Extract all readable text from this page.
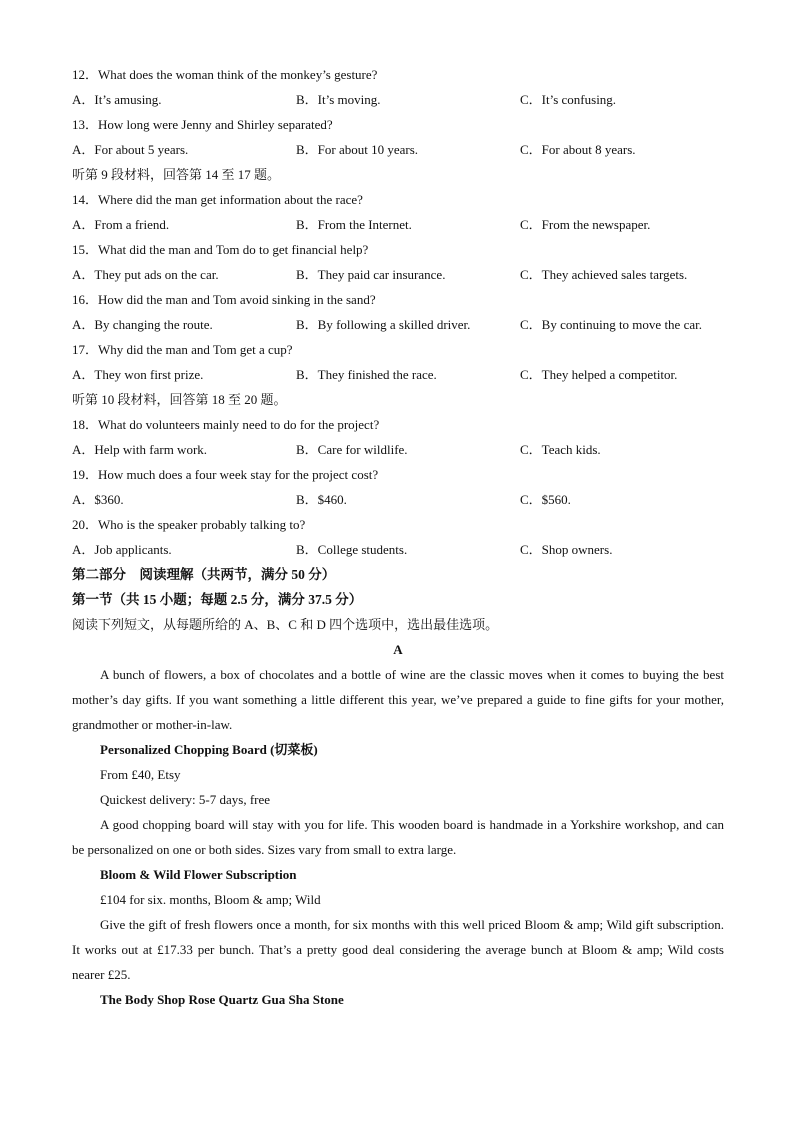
12．What does the woman think of the monkey’s gesture?
A．It’s amusing.	B．It’s moving.	C．It’s confusing.
13．How long were Jenny and Shirley separated?
A．For about 5 years.	B．For about 10 years.	C．For about 8 years.
听第 9 段材料，回答第 14 至 17 题。
14．Where did the man get information about the race?
A．From a friend.	B．From the Internet.	C．From the newspaper.
15．What did the man and Tom do to get financial help?
A．They put ads on the car.	B．They paid car insurance.	C．They achieved sales targets.
16．How did the man and Tom avoid sinking in the sand?
A．By changing the route.	B．By following a skilled driver.	C．By continuing to move the car.
17．Why did the man and Tom get a cup?
A．They won first prize.	B．They finished the race.	C．They helped a competitor.
听第 10 段材料，回答第 18 至 20 题。
18．What do volunteers mainly need to do for the project?
A．Help with farm work.	B．Care for wildlife.	C．Teach kids.
19．How much does a four week stay for the project cost?
A．$360.	B．$460.	C．$560.
20．Who is the speaker probably talking to?
A．Job applicants.	B．College students.	C．Shop owners.
第二部分　阅读理解（共两节，满分 50 分）
第一节（共 15 小题；每题 2.5 分，满分 37.5 分）
阅读下列短文，从每题所给的 A、B、C 和 D 四个选项中，选出最佳选项。
A
A bunch of flowers, a box of chocolates and a bottle of wine are the classic moves when it comes to buying the best mother’s day gifts. If you want something a little different this year, we’ve prepared a guide to fine gifts for your mother, grandmother or mother-in-law.
Personalized Chopping Board (切菜板)
From £40, Etsy
Quickest delivery: 5-7 days, free
A good chopping board will stay with you for life. This wooden board is handmade in a Yorkshire workshop, and can be personalized on one or both sides. Sizes vary from small to extra large.
Bloom & Wild Flower Subscription
£104 for six. months, Bloom & amp; Wild
Give the gift of fresh flowers once a month, for six months with this well priced Bloom & amp; Wild gift subscription. It works out at £17.33 per bunch. That’s a pretty good deal considering the average bunch at Bloom & amp; Wild costs nearer £25.
The Body Shop Rose Quartz Gua Sha Stone
